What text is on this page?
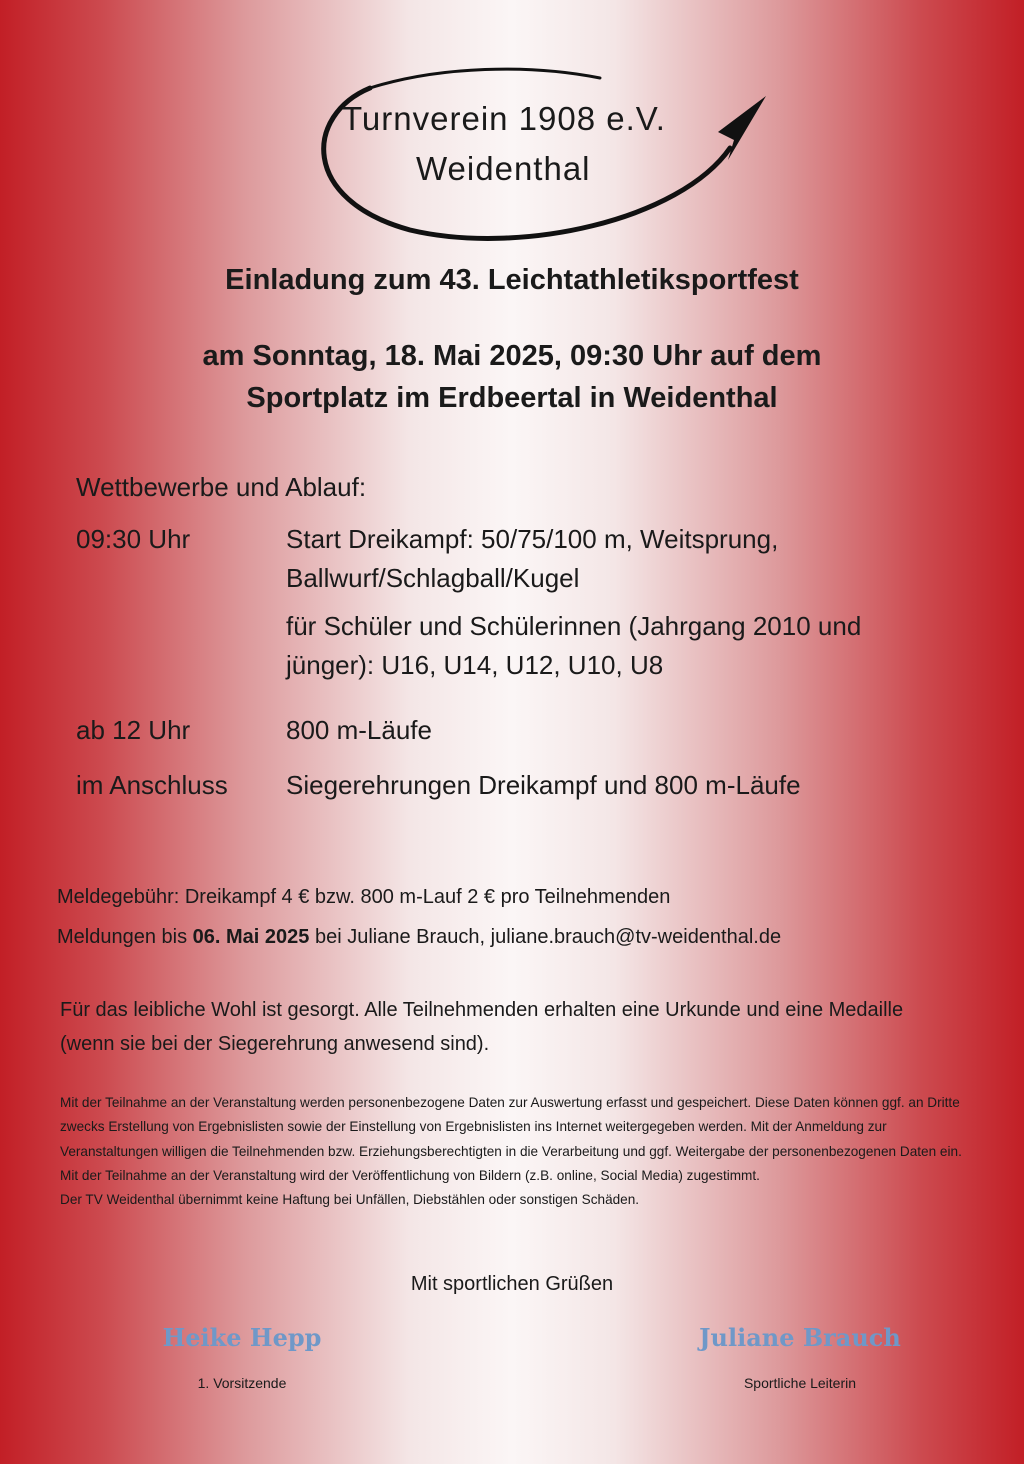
Turnverein 1908 e.V.
Weidenthal
Einladung zum 43. Leichtathletiksportfest
am Sonntag, 18. Mai 2025, 09:30 Uhr auf dem
Sportplatz im Erdbeertal in Weidenthal
Wettbewerbe und Ablauf:
09:30 Uhr	Start Dreikampf: 50/75/100 m, Weitsprung, Ballwurf/Schlagball/Kugel
für Schüler und Schülerinnen (Jahrgang 2010 und jünger): U16, U14, U12, U10, U8
ab 12 Uhr	800 m-Läufe
im Anschluss Siegerehrungen Dreikampf und 800 m-Läufe
Meldegebühr: Dreikampf 4 € bzw. 800 m-Lauf 2 € pro Teilnehmenden
Meldungen bis 06. Mai 2025 bei Juliane Brauch, juliane.brauch@tv-weidenthal.de
Für das leibliche Wohl ist gesorgt. Alle Teilnehmenden erhalten eine Urkunde und eine Medaille (wenn sie bei der Siegerehrung anwesend sind).
Mit der Teilnahme an der Veranstaltung werden personenbezogene Daten zur Auswertung erfasst und gespeichert. Diese Daten können ggf. an Dritte zwecks Erstellung von Ergebnislisten sowie der Einstellung von Ergebnislisten ins Internet weitergegeben werden. Mit der Anmeldung zur Veranstaltungen willigen die Teilnehmenden bzw. Erziehungsberechtigten in die Verarbeitung und ggf. Weitergabe der personenbezogenen Daten ein.
Mit der Teilnahme an der Veranstaltung wird der Veröffentlichung von Bildern (z.B. online, Social Media) zugestimmt.
Der TV Weidenthal übernimmt keine Haftung bei Unfällen, Diebstählen oder sonstigen Schäden.
Mit sportlichen Grüßen
Heike Hepp
1. Vorsitzende
Juliane Brauch
Sportliche Leiterin
